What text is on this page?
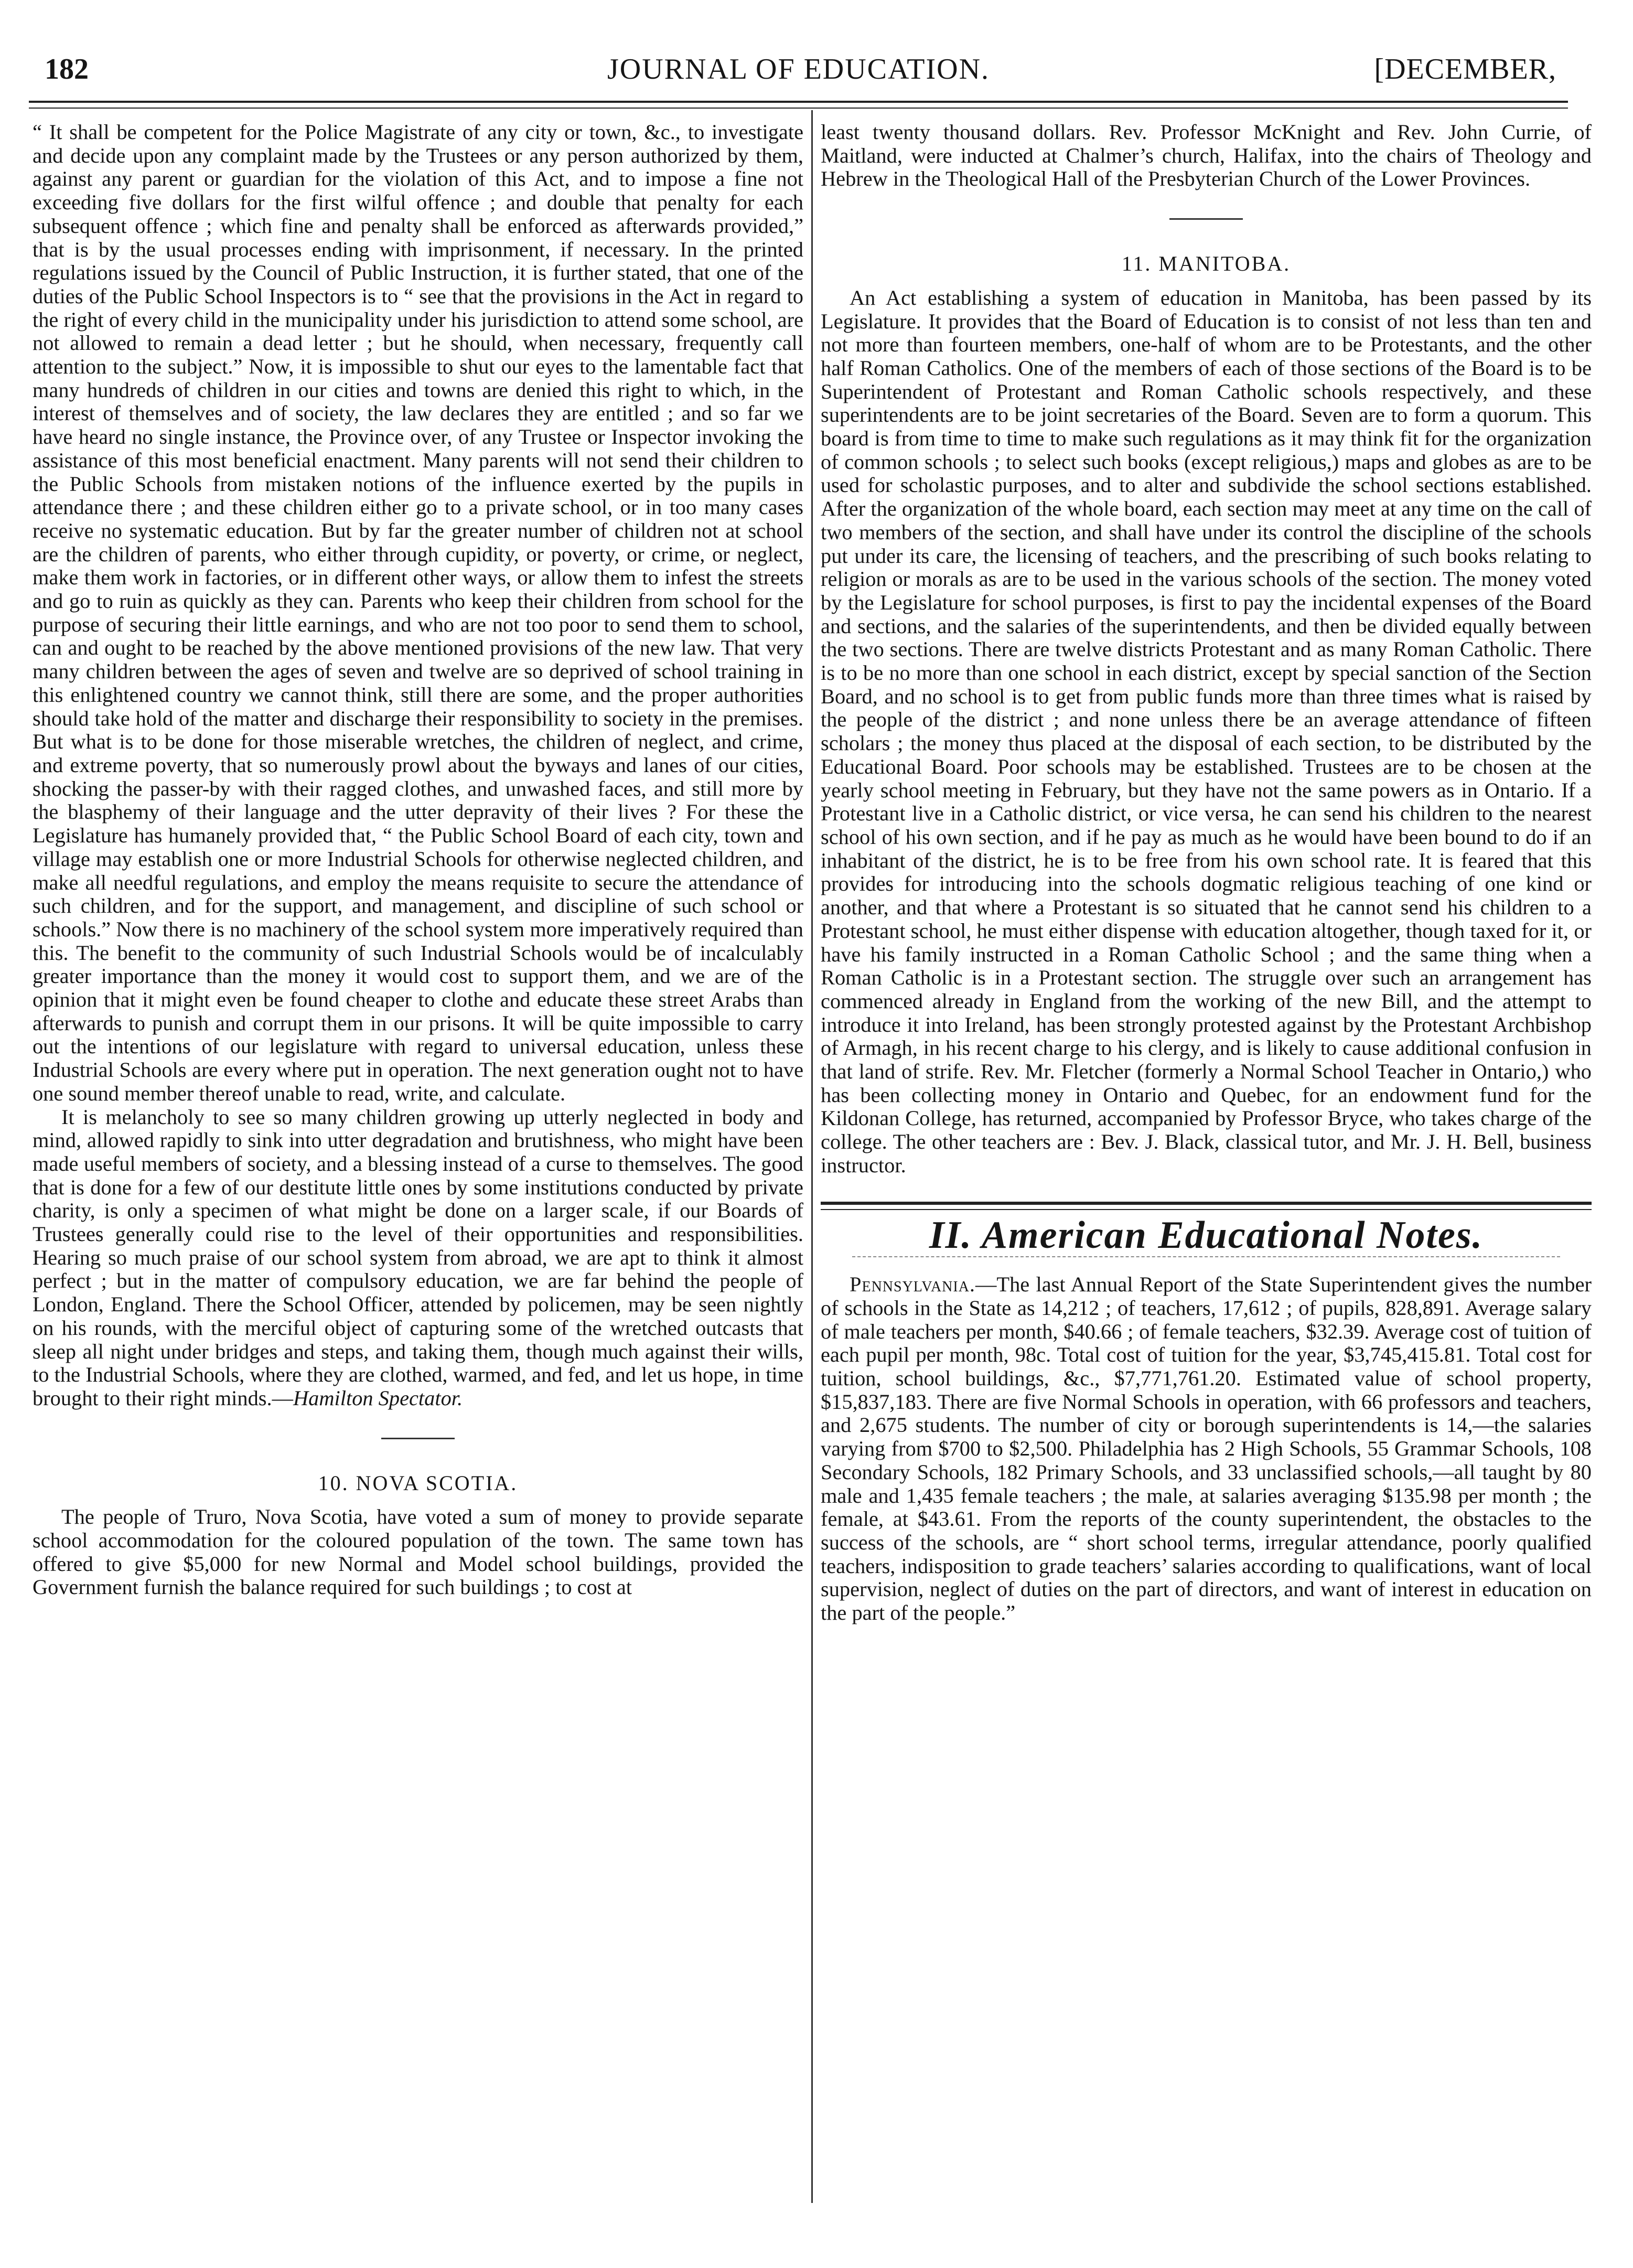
182	JOURNAL OF EDUCATION.	[DECEMBER,

“ It shall be competent for the Police Magistrate of any city or town, &c., to investigate and decide upon any complaint made by the Trustees or any person authorized by them, against any parent or guardian for the violation of this Act, and to impose a fine not exceeding five dollars for the first wilful offence ; and double that penalty for each subsequent offence ; which fine and penalty shall be enforced as afterwards provided,” that is by the usual processes ending with imprisonment, if necessary. In the printed regulations issued by the Council of Public Instruction, it is further stated, that one of the duties of the Public School Inspectors is to “ see that the provisions in the Act in regard to the right of every child in the municipality under his jurisdiction to attend some school, are not allowed to remain a dead letter ; but he should, when necessary, frequently call attention to the subject.” Now, it is impossible to shut our eyes to the lamentable fact that many hundreds of children in our cities and towns are denied this right to which, in the interest of themselves and of society, the law declares they are entitled ; and so far we have heard no single instance, the Province over, of any Trustee or Inspector invoking the assistance of this most beneficial enactment. Many parents will not send their children to the Public Schools from mistaken notions of the influence exerted by the pupils in attendance there ; and these children either go to a private school, or in too many cases receive no systematic education. But by far the greater number of children not at school are the children of parents, who either through cupidity, or poverty, or crime, or neglect, make them work in factories, or in different other ways, or allow them to infest the streets and go to ruin as quickly as they can. Parents who keep their children from school for the purpose of securing their little earnings, and who are not too poor to send them to school, can and ought to be reached by the above mentioned provisions of the new law. That very many children between the ages of seven and twelve are so deprived of school training in this enlightened country we cannot think, still there are some, and the proper authorities should take hold of the matter and discharge their responsibility to society in the premises. But what is to be done for those miserable wretches, the children of neglect, and crime, and extreme poverty, that so numerously prowl about the byways and lanes of our cities, shocking the passer-by with their ragged clothes, and unwashed faces, and still more by the blasphemy of their language and the utter depravity of their lives ? For these the Legislature has humanely provided that, “ the Public School Board of each city, town and village may establish one or more Industrial Schools for otherwise neglected children, and make all needful regulations, and employ the means requisite to secure the attendance of such children, and for the support, and management, and discipline of such school or schools.” Now there is no machinery of the school system more imperatively required than this. The benefit to the community of such Industrial Schools would be of incalculably greater importance than the money it would cost to support them, and we are of the opinion that it might even be found cheaper to clothe and educate these street Arabs than afterwards to punish and corrupt them in our prisons. It will be quite impossible to carry out the intentions of our legislature with regard to universal education, unless these Industrial Schools are every where put in operation. The next generation ought not to have one sound member thereof unable to read, write, and calculate.

It is melancholy to see so many children growing up utterly neglected in body and mind, allowed rapidly to sink into utter degradation and brutishness, who might have been made useful members of society, and a blessing instead of a curse to themselves. The good that is done for a few of our destitute little ones by some institutions conducted by private charity, is only a specimen of what might be done on a larger scale, if our Boards of Trustees generally could rise to the level of their opportunities and responsibilities. Hearing so much praise of our school system from abroad, we are apt to think it almost perfect ; but in the matter of compulsory education, we are far behind the people of London, England. There the School Officer, attended by policemen, may be seen nightly on his rounds, with the merciful object of capturing some of the wretched outcasts that sleep all night under bridges and steps, and taking them, though much against their wills, to the Industrial Schools, where they are clothed, warmed, and fed, and let us hope, in time brought to their right minds.—Hamilton Spectator.

10. NOVA SCOTIA.

The people of Truro, Nova Scotia, have voted a sum of money to provide separate school accommodation for the coloured population of the town. The same town has offered to give $5,000 for new Normal and Model school buildings, provided the Government furnish the balance required for such buildings ; to cost at

least twenty thousand dollars. Rev. Professor McKnight and Rev. John Currie, of Maitland, were inducted at Chalmer’s church, Halifax, into the chairs of Theology and Hebrew in the Theological Hall of the Presbyterian Church of the Lower Provinces.

11. MANITOBA.

An Act establishing a system of education in Manitoba, has been passed by its Legislature. It provides that the Board of Education is to consist of not less than ten and not more than fourteen members, one-half of whom are to be Protestants, and the other half Roman Catholics. One of the members of each of those sections of the Board is to be Superintendent of Protestant and Roman Catholic schools respectively, and these superintendents are to be joint secretaries of the Board. Seven are to form a quorum. This board is from time to time to make such regulations as it may think fit for the organization of common schools ; to select such books (except religious,) maps and globes as are to be used for scholastic purposes, and to alter and subdivide the school sections established. After the organization of the whole board, each section may meet at any time on the call of two members of the section, and shall have under its control the discipline of the schools put under its care, the licensing of teachers, and the prescribing of such books relating to religion or morals as are to be used in the various schools of the section. The money voted by the Legislature for school purposes, is first to pay the incidental expenses of the Board and sections, and the salaries of the superintendents, and then be divided equally between the two sections. There are twelve districts Protestant and as many Roman Catholic. There is to be no more than one school in each district, except by special sanction of the Section Board, and no school is to get from public funds more than three times what is raised by the people of the district ; and none unless there be an average attendance of fifteen scholars ; the money thus placed at the disposal of each section, to be distributed by the Educational Board. Poor schools may be established. Trustees are to be chosen at the yearly school meeting in February, but they have not the same powers as in Ontario. If a Protestant live in a Catholic district, or vice versa, he can send his children to the nearest school of his own section, and if he pay as much as he would have been bound to do if an inhabitant of the district, he is to be free from his own school rate. It is feared that this provides for introducing into the schools dogmatic religious teaching of one kind or another, and that where a Protestant is so situated that he cannot send his children to a Protestant school, he must either dispense with education altogether, though taxed for it, or have his family instructed in a Roman Catholic School ; and the same thing when a Roman Catholic is in a Protestant section. The struggle over such an arrangement has commenced already in England from the working of the new Bill, and the attempt to introduce it into Ireland, has been strongly protested against by the Protestant Archbishop of Armagh, in his recent charge to his clergy, and is likely to cause additional confusion in that land of strife. Rev. Mr. Fletcher (formerly a Normal School Teacher in Ontario,) who has been collecting money in Ontario and Quebec, for an endowment fund for the Kildonan College, has returned, accompanied by Professor Bryce, who takes charge of the college. The other teachers are : Bev. J. Black, classical tutor, and Mr. J. H. Bell, business instructor.

II. American Educational Notes.

Pennsylvania.—The last Annual Report of the State Superintendent gives the number of schools in the State as 14,212 ; of teachers, 17,612 ; of pupils, 828,891. Average salary of male teachers per month, $40.66 ; of female teachers, $32.39. Average cost of tuition of each pupil per month, 98c. Total cost of tuition for the year, $3,745,415.81. Total cost for tuition, school buildings, &c., $7,771,761.20. Estimated value of school property, $15,837,183. There are five Normal Schools in operation, with 66 professors and teachers, and 2,675 students. The number of city or borough superintendents is 14,—the salaries varying from $700 to $2,500. Philadelphia has 2 High Schools, 55 Grammar Schools, 108 Secondary Schools, 182 Primary Schools, and 33 unclassified schools,—all taught by 80 male and 1,435 female teachers ; the male, at salaries averaging $135.98 per month ; the female, at $43.61. From the reports of the county superintendent, the obstacles to the success of the schools, are “ short school terms, irregular attendance, poorly qualified teachers, indisposition to grade teachers’ salaries according to qualifications, want of local supervision, neglect of duties on the part of directors, and want of interest in education on the part of the people.”
